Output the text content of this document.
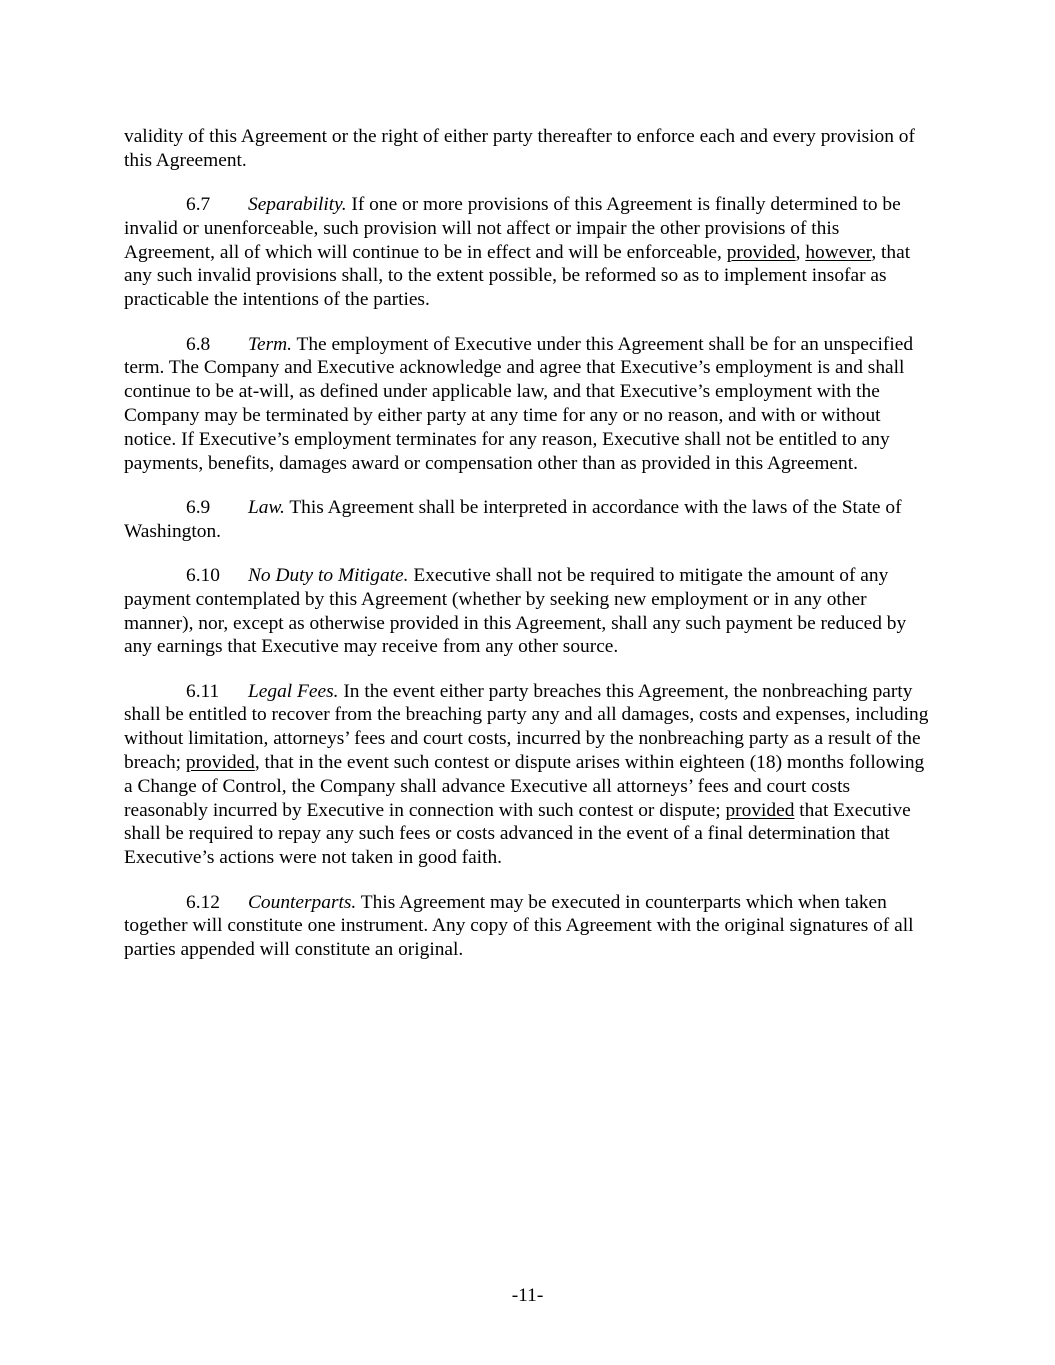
validity of this Agreement or the right of either party thereafter to enforce each and every provision of this Agreement.

6.7 Separability. If one or more provisions of this Agreement is finally determined to be invalid or unenforceable, such provision will not affect or impair the other provisions of this Agreement, all of which will continue to be in effect and will be enforceable, provided, however, that any such invalid provisions shall, to the extent possible, be reformed so as to implement insofar as practicable the intentions of the parties.

6.8 Term. The employment of Executive under this Agreement shall be for an unspecified term. The Company and Executive acknowledge and agree that Executive’s employment is and shall continue to be at-will, as defined under applicable law, and that Executive’s employment with the Company may be terminated by either party at any time for any or no reason, and with or without notice. If Executive’s employment terminates for any reason, Executive shall not be entitled to any payments, benefits, damages award or compensation other than as provided in this Agreement.

6.9 Law. This Agreement shall be interpreted in accordance with the laws of the State of Washington.

6.10 No Duty to Mitigate. Executive shall not be required to mitigate the amount of any payment contemplated by this Agreement (whether by seeking new employment or in any other manner), nor, except as otherwise provided in this Agreement, shall any such payment be reduced by any earnings that Executive may receive from any other source.

6.11 Legal Fees. In the event either party breaches this Agreement, the nonbreaching party shall be entitled to recover from the breaching party any and all damages, costs and expenses, including without limitation, attorneys’ fees and court costs, incurred by the nonbreaching party as a result of the breach; provided, that in the event such contest or dispute arises within eighteen (18) months following a Change of Control, the Company shall advance Executive all attorneys’ fees and court costs reasonably incurred by Executive in connection with such contest or dispute; provided that Executive shall be required to repay any such fees or costs advanced in the event of a final determination that Executive’s actions were not taken in good faith.

6.12 Counterparts. This Agreement may be executed in counterparts which when taken together will constitute one instrument. Any copy of this Agreement with the original signatures of all parties appended will constitute an original.

-11-
